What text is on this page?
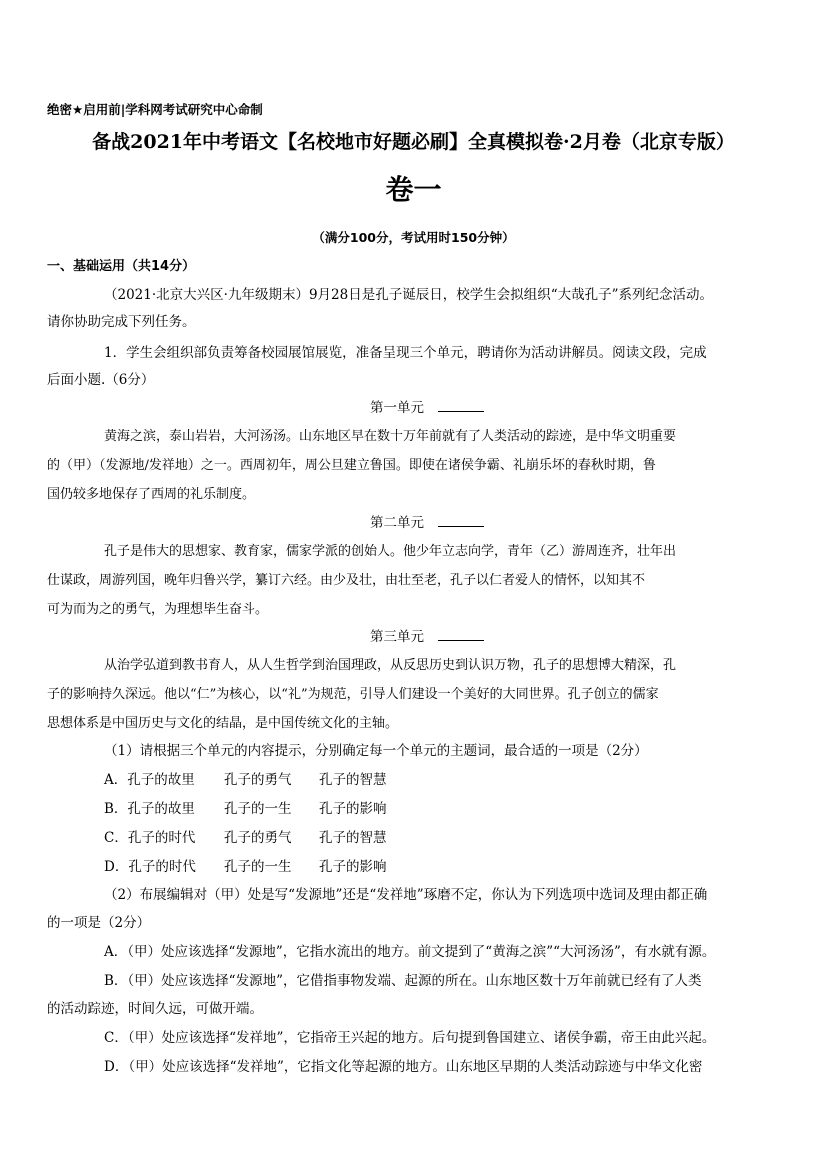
绝密★启用前|学科网考试研究中心命制
备战2021年中考语文【名校地市好题必刷】全真模拟卷·2月卷（北京专版）
卷一
（满分100分，考试用时150分钟）
一、基础运用（共14分）
（2021·北京大兴区·九年级期末）9月28日是孔子诞辰日，校学生会拟组织“大哉孔子”系列纪念活动。
请你协助完成下列任务。
1．学生会组织部负责筹备校园展馆展览，准备呈现三个单元，聘请你为活动讲解员。阅读文段，完成
后面小题.（6分）
第一单元
黄海之滨，泰山岩岩，大河汤汤。山东地区早在数十万年前就有了人类活动的踪迹，是中华文明重要
的（甲）（发源地/发祥地）之一。西周初年，周公旦建立鲁国。即使在诸侯争霸、礼崩乐坏的春秋时期，鲁
国仍较多地保存了西周的礼乐制度。
第二单元
孔子是伟大的思想家、教育家，儒家学派的创始人。他少年立志向学，青年（乙）游周连齐，壮年出
仕谋政，周游列国，晚年归鲁兴学，纂订六经。由少及壮，由壮至老，孔子以仁者爱人的情怀，以知其不
可为而为之的勇气，为理想毕生奋斗。
第三单元
从治学弘道到教书育人，从人生哲学到治国理政，从反思历史到认识万物，孔子的思想博大精深，孔
子的影响持久深远。他以“仁”为核心，以“礼”为规范，引导人们建设一个美好的大同世界。孔子创立的儒家
思想体系是中国历史与文化的结晶，是中国传统文化的主轴。
（1）请根据三个单元的内容提示，分别确定每一个单元的主题词，最合适的一项是（2分）
A．孔子的故里 孔子的勇气 孔子的智慧
B．孔子的故里 孔子的一生 孔子的影响
C．孔子的时代 孔子的勇气 孔子的智慧
D．孔子的时代 孔子的一生 孔子的影响
（2）布展编辑对（甲）处是写“发源地”还是“发祥地”琢磨不定，你认为下列选项中选词及理由都正确
的一项是（2分）
A．（甲）处应该选择“发源地”，它指水流出的地方。前文提到了“黄海之滨”“大河汤汤”，有水就有源。
B．（甲）处应该选择“发源地”，它借指事物发端、起源的所在。山东地区数十万年前就已经有了人类
的活动踪迹，时间久远，可做开端。
C．（甲）处应该选择“发祥地”，它指帝王兴起的地方。后句提到鲁国建立、诸侯争霸，帝王由此兴起。
D．（甲）处应该选择“发祥地”，它指文化等起源的地方。山东地区早期的人类活动踪迹与中华文化密
